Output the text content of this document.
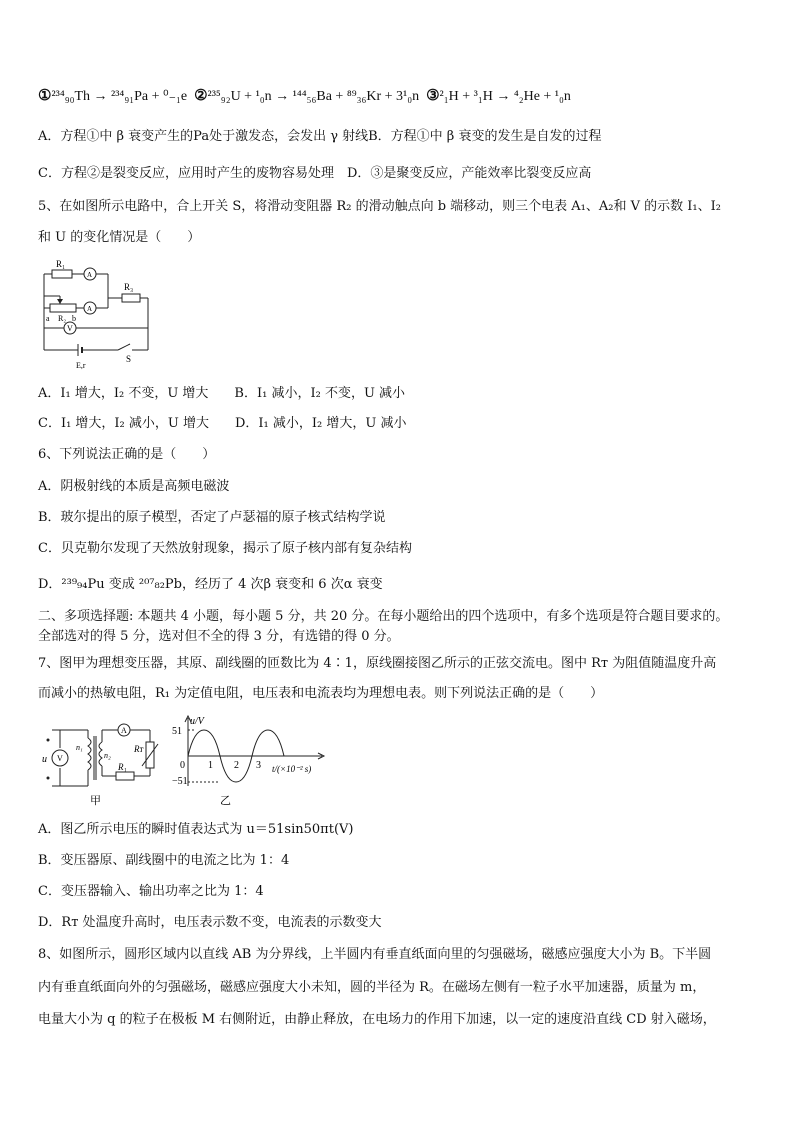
①²³⁴₉₀Th → ²³⁴₉₁Pa + ⁰₋₁e ②²³⁵₉₂U + ¹₀n → ¹⁴⁴₅₆Ba + ⁸⁹₃₆Kr + 3¹₀n ③²₁H + ³₁H → ⁴₂He + ¹₀n
A．方程①中 β 衰变产生的Pa处于激发态，会发出 γ 射线B．方程①中 β 衰变的发生是自发的过程
C．方程②是裂变反应，应用时产生的废物容易处理　D．③是聚变反应，产能效率比裂变反应高
5、在如图所示电路中，合上开关 S，将滑动变阻器 R₂ 的滑动触点向 b 端移动，则三个电表 A₁、A₂和 V 的示数 I₁、I₂
和 U 的变化情况是（　　）
R₁
R₃
a R₂ b
V
E,r
S
A
A
A．I₁ 增大，I₂ 不变，U 增大　　B．I₁ 减小，I₂ 不变，U 减小
C．I₁ 增大，I₂ 减小，U 增大　　D．I₁ 减小，I₂ 增大，U 减小
6、下列说法正确的是（　　）
A．阴极射线的本质是高频电磁波
B．玻尔提出的原子模型，否定了卢瑟福的原子核式结构学说
C．贝克勒尔发现了天然放射现象，揭示了原子核内部有复杂结构
D．²³⁹₉₄Pu 变成 ²⁰⁷₈₂Pb，经历了 4 次β 衰变和 6 次α 衰变
二、多项选择题: 本题共 4 小题，每小题 5 分，共 20 分。在每小题给出的四个选项中，有多个选项是符合题目要求的。
全部选对的得 5 分，选对但不全的得 3 分，有选错的得 0 分。
7、图甲为理想变压器，其原、副线圈的匝数比为 4∶1，原线圈接图乙所示的正弦交流电。图中 Rᴛ 为阻值随温度升高
而减小的热敏电阻，R₁ 为定值电阻，电压表和电流表均为理想电表。则下列说法正确的是（　　）
u V
n₁
n₂
A
R₁
Rᴛ
甲
u/V
51
−51
0 1 2 3 t/(×10⁻² s)
乙
A．图乙所示电压的瞬时值表达式为 u＝51sin50πt(V)
B．变压器原、副线圈中的电流之比为 1：4
C．变压器输入、输出功率之比为 1：4
D．Rᴛ 处温度升高时，电压表示数不变，电流表的示数变大
8、如图所示，圆形区域内以直线 AB 为分界线，上半圆内有垂直纸面向里的匀强磁场，磁感应强度大小为 B。下半圆
内有垂直纸面向外的匀强磁场，磁感应强度大小未知，圆的半径为 R。在磁场左侧有一粒子水平加速器，质量为 m，
电量大小为 q 的粒子在极板 M 右侧附近，由静止释放，在电场力的作用下加速，以一定的速度沿直线 CD 射入磁场，
